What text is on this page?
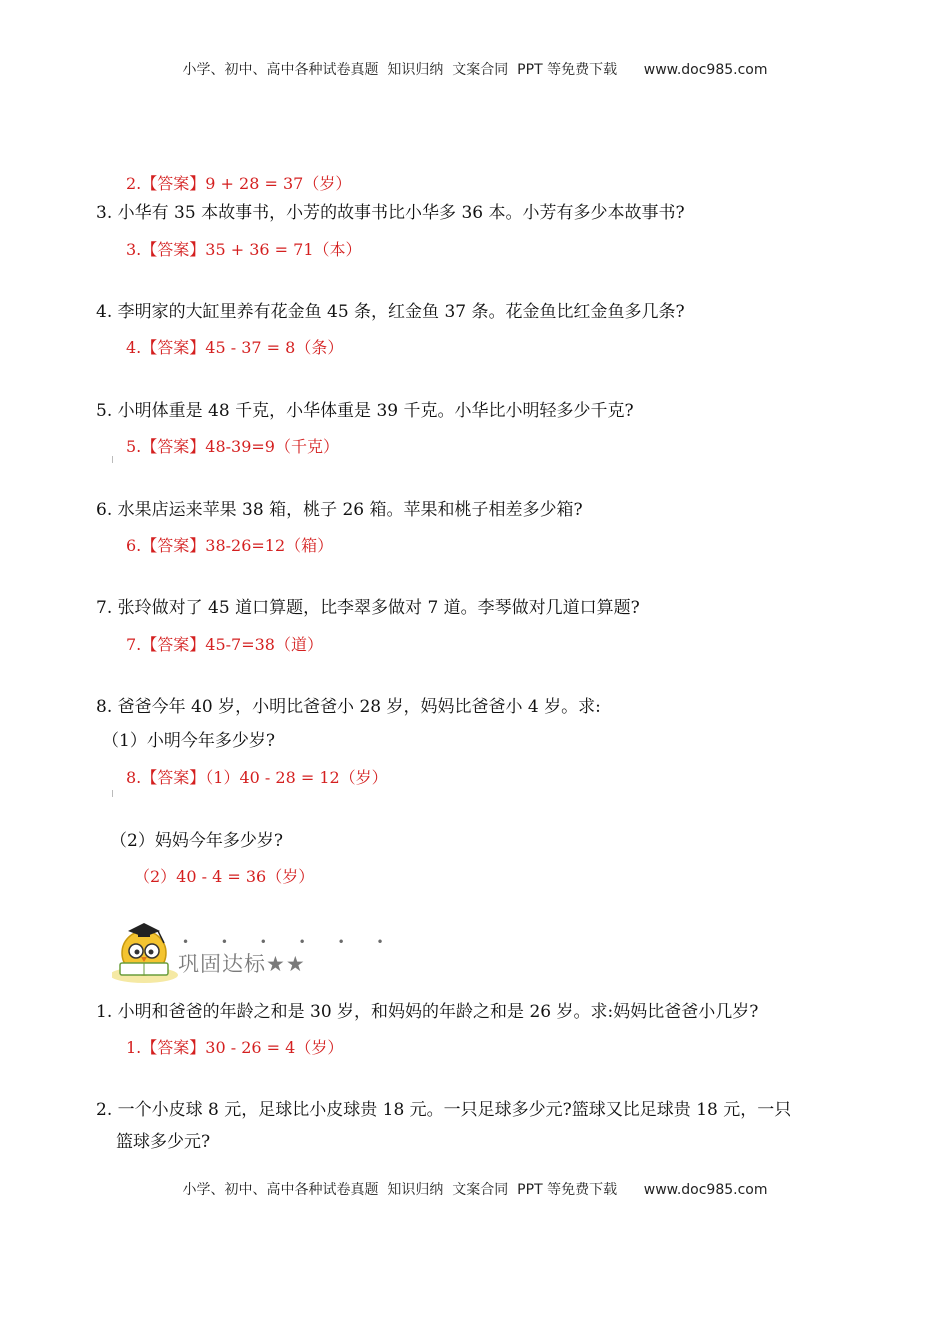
小学、初中、高中各种试卷真题  知识归纳  文案合同  PPT 等免费下载      www.doc985.com
2.【答案】9 + 28 = 37（岁）
3. 小华有 35 本故事书，小芳的故事书比小华多 36 本。小芳有多少本故事书?
3.【答案】35 + 36 = 71（本）
4. 李明家的大缸里养有花金鱼 45 条，红金鱼 37 条。花金鱼比红金鱼多几条?
4.【答案】45 - 37 = 8（条）
5. 小明体重是 48 千克，小华体重是 39 千克。小华比小明轻多少千克?
5.【答案】48-39=9（千克）
6. 水果店运来苹果 38 箱，桃子 26 箱。苹果和桃子相差多少箱?
6.【答案】38-26=12（箱）
7. 张玲做对了 45 道口算题，比李翠多做对 7 道。李琴做对几道口算题?
7.【答案】45-7=38（道）
8. 爸爸今年 40 岁，小明比爸爸小 28 岁，妈妈比爸爸小 4 岁。求:
（1）小明今年多少岁?
8.【答案】（1）40 - 28 = 12（岁）
（2）妈妈今年多少岁?
（2）40 - 4 = 36（岁）
• • • • • •
巩固达标★★
1. 小明和爸爸的年龄之和是 30 岁，和妈妈的年龄之和是 26 岁。求:妈妈比爸爸小几岁?
1.【答案】30 - 26 = 4（岁）
2. 一个小皮球 8 元，足球比小皮球贵 18 元。一只足球多少元?篮球又比足球贵 18 元，一只
篮球多少元?
小学、初中、高中各种试卷真题  知识归纳  文案合同  PPT 等免费下载      www.doc985.com
